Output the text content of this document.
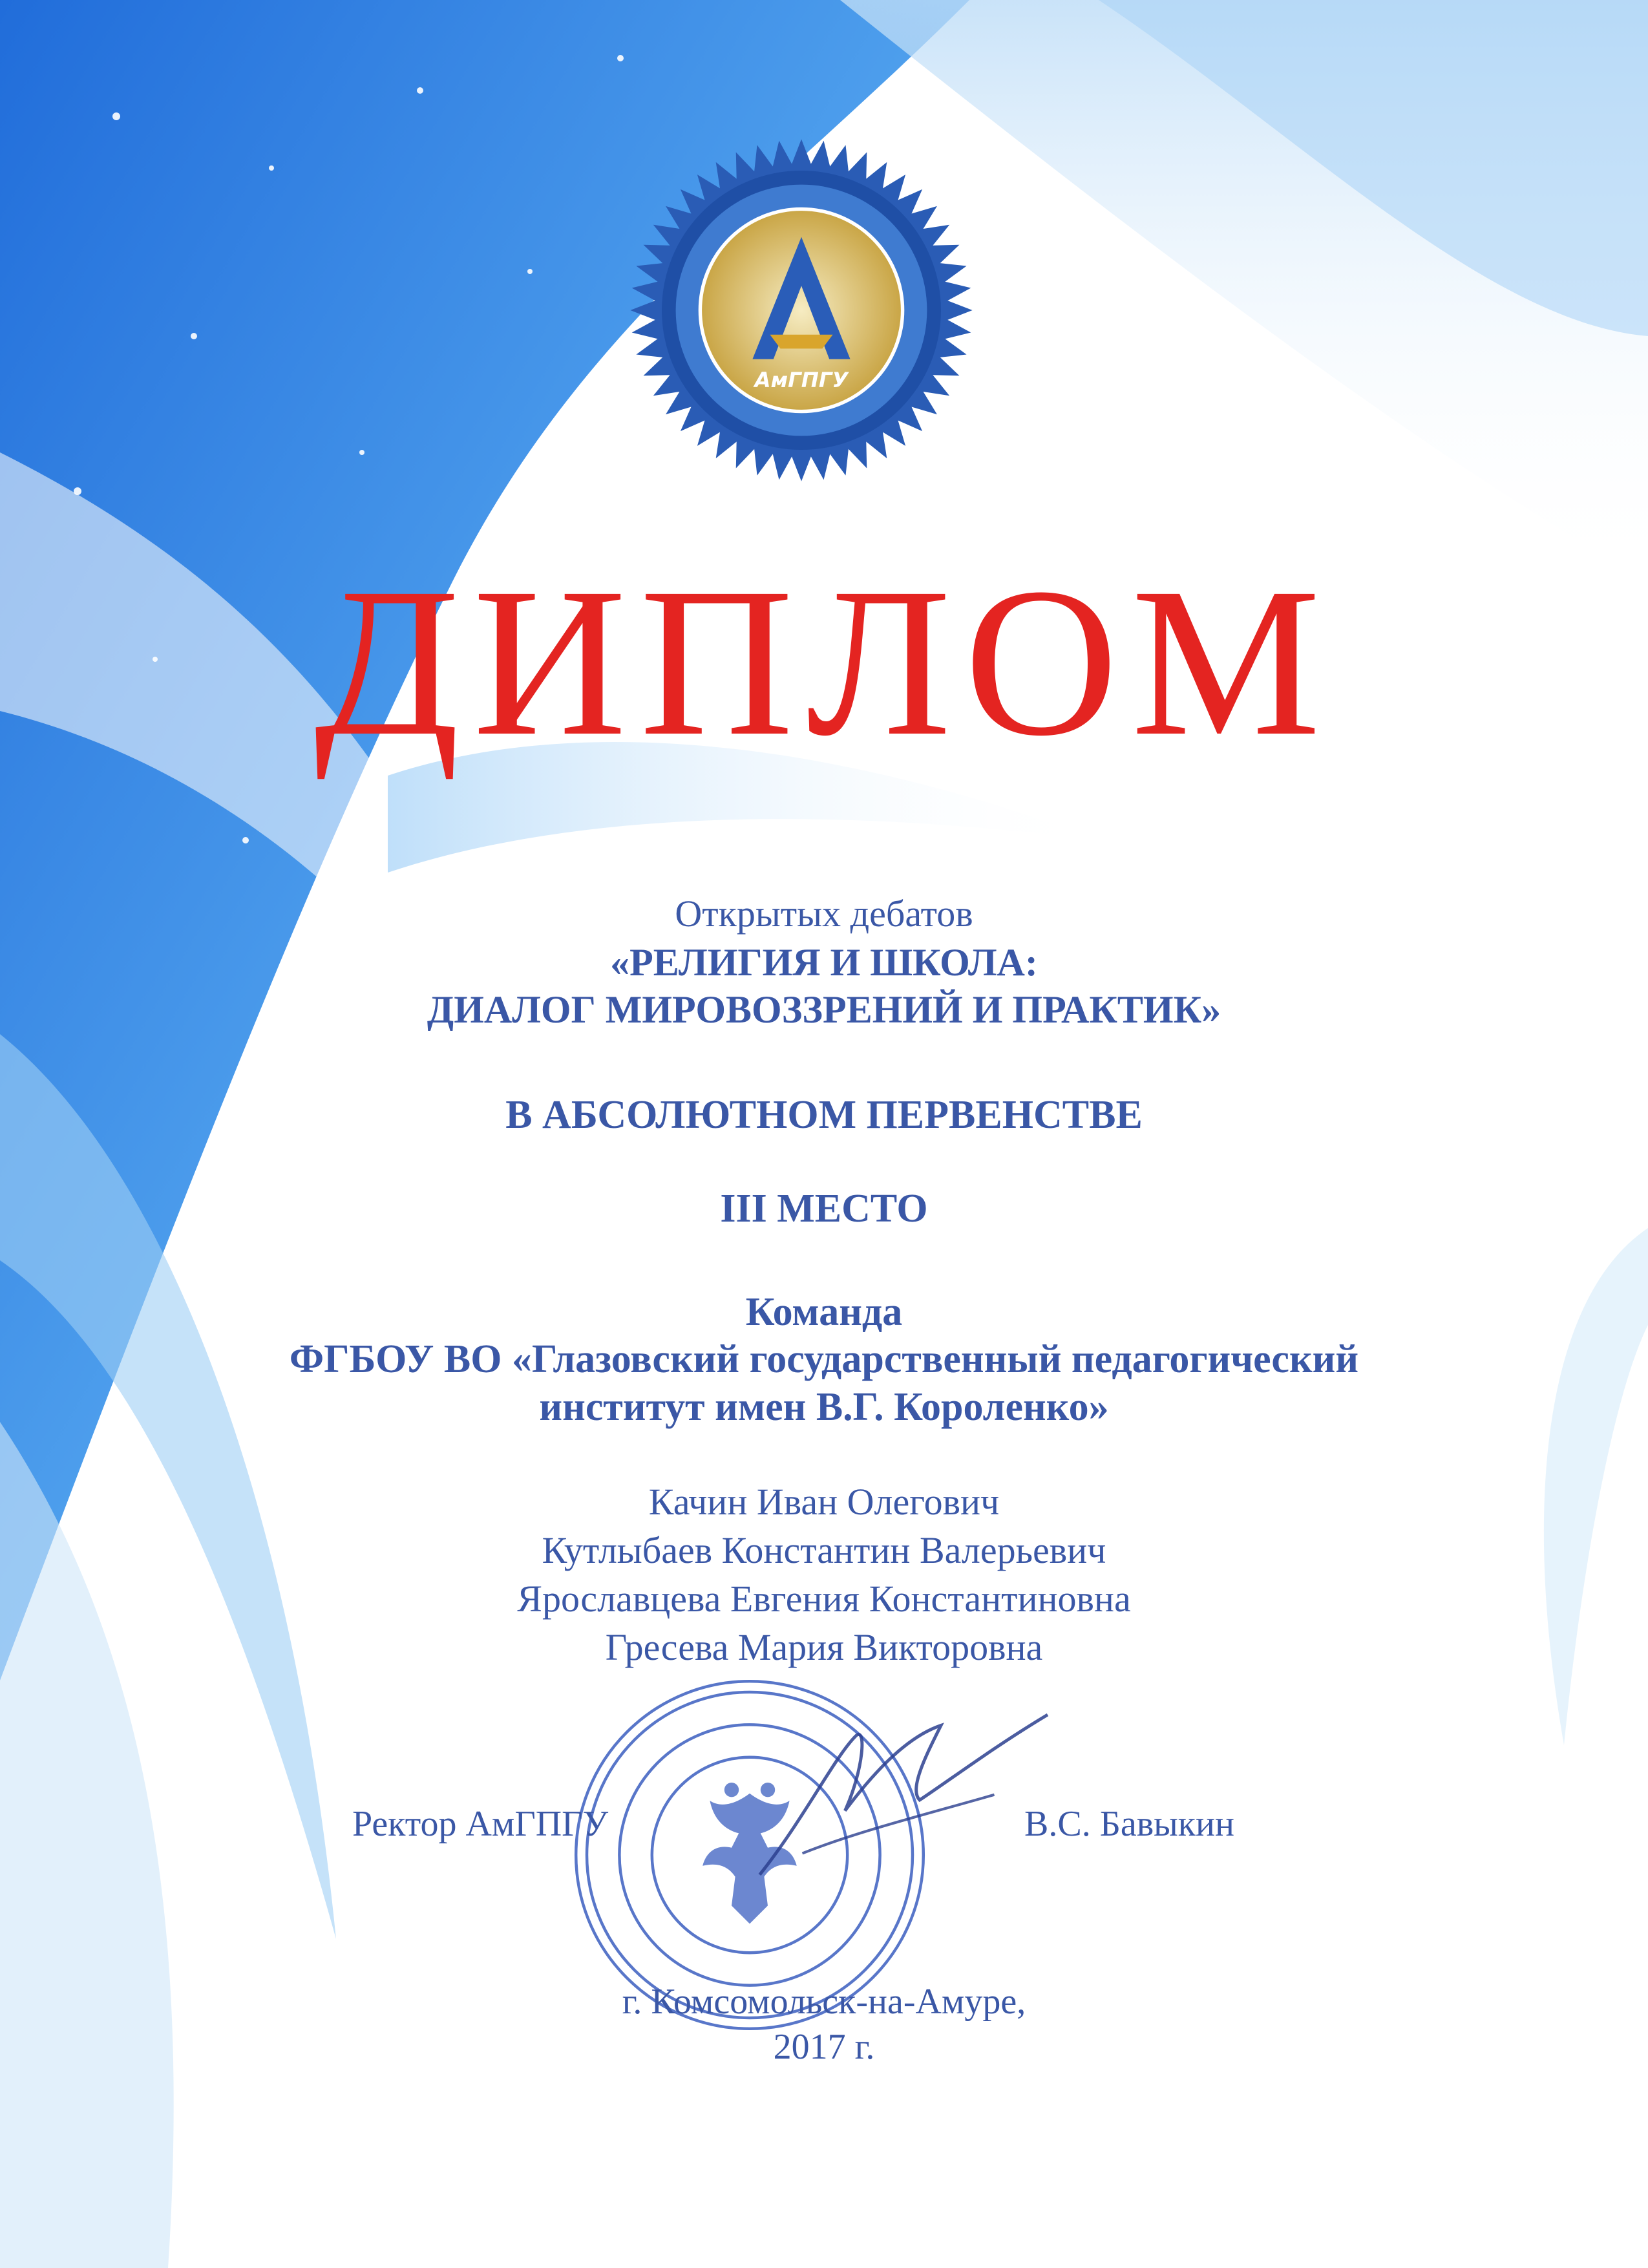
АмГПГУ
ДИПЛОМ
Открытых дебатов
«РЕЛИГИЯ И ШКОЛА:
ДИАЛОГ МИРОВОЗЗРЕНИЙ И ПРАКТИК»
В АБСОЛЮТНОМ ПЕРВЕНСТВЕ
III МЕСТО
Команда
ФГБОУ ВО «Глазовский государственный педагогический
институт имен В.Г. Короленко»
Качин Иван Олегович
Кутлыбаев Константин Валерьевич
Ярославцева Евгения Константиновна
Гресева Мария Викторовна
Ректор АмГПГУ	В.С. Бавыкин
г. Комсомольск-на-Амуре,
2017 г.
